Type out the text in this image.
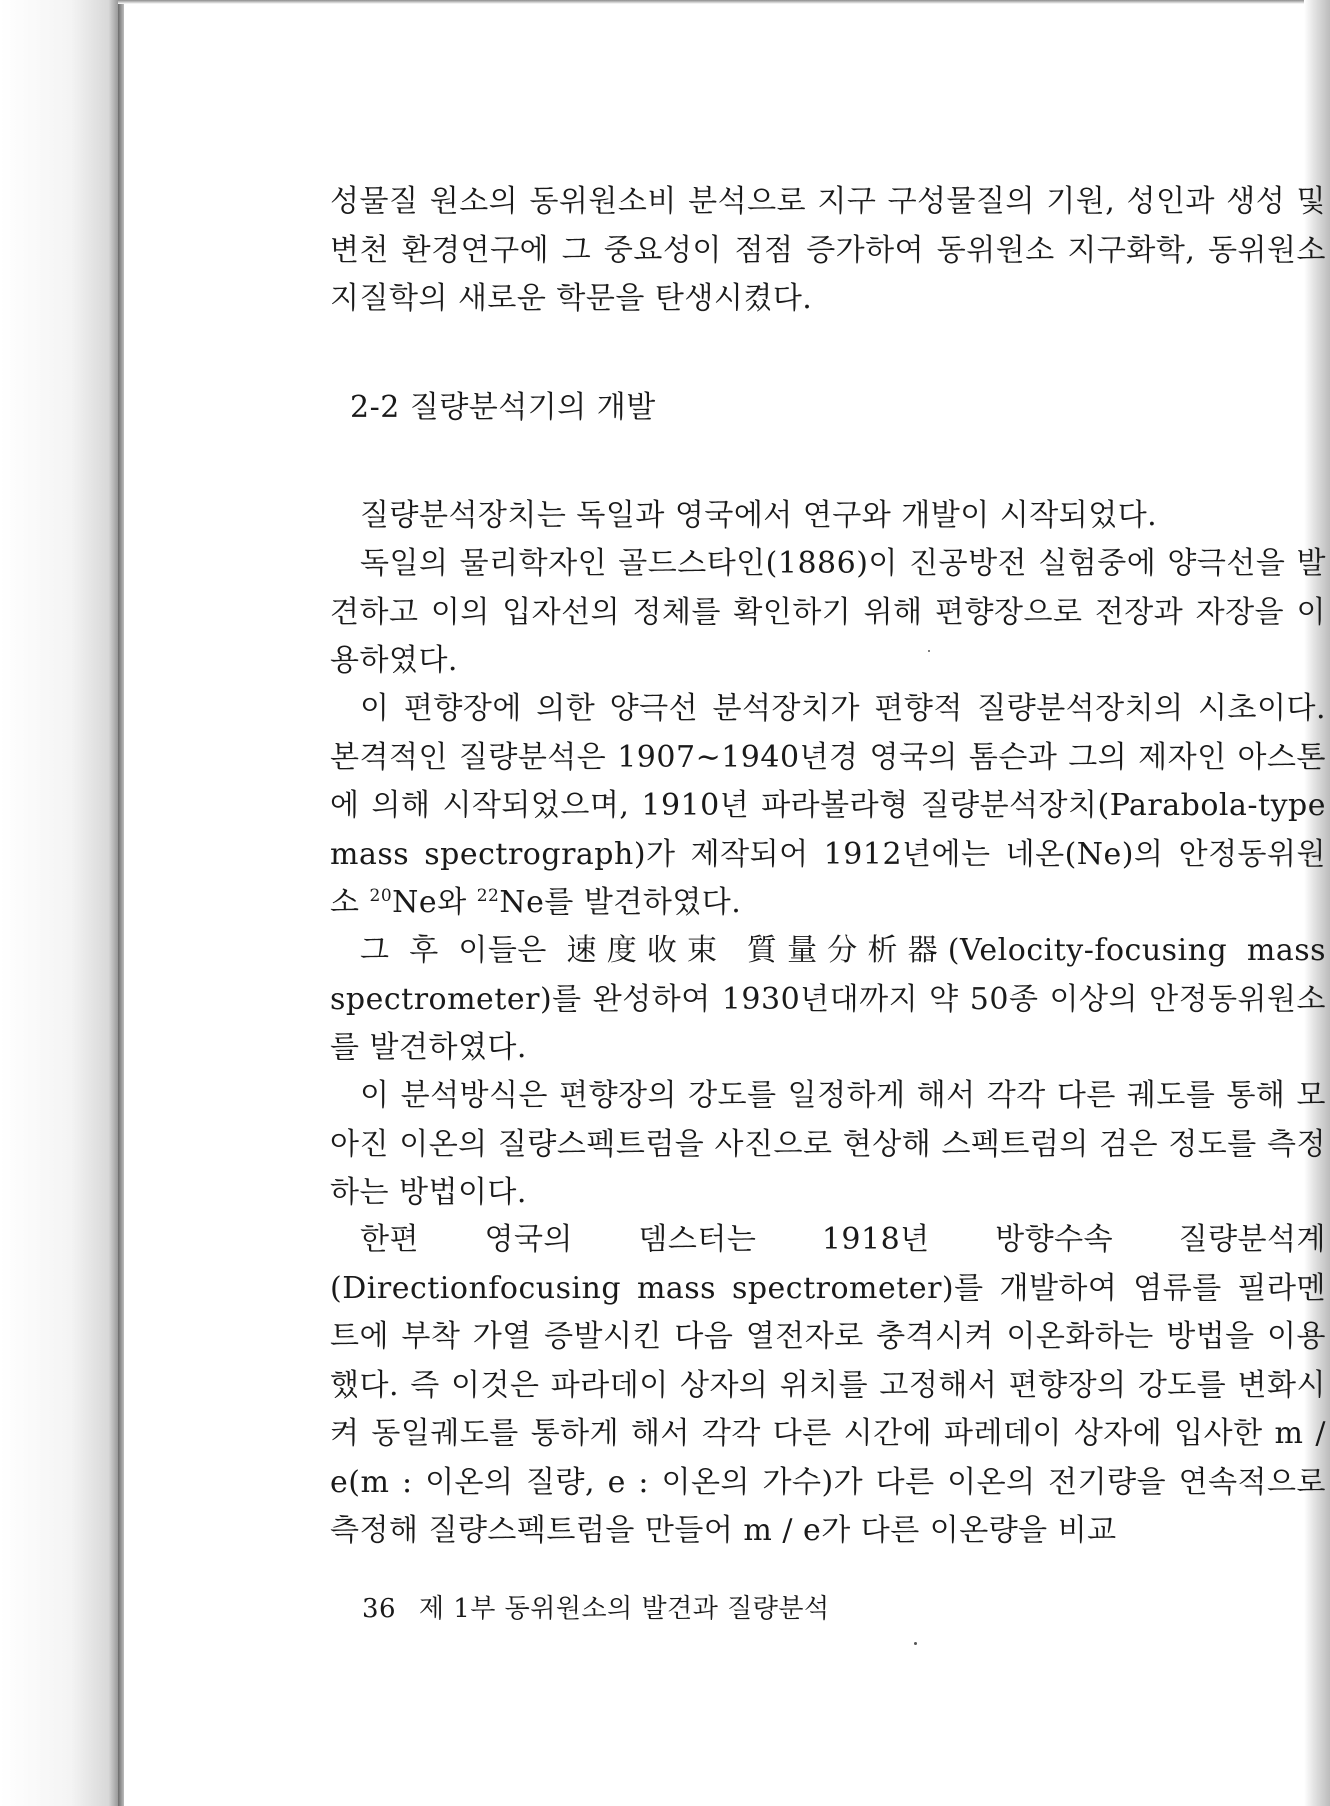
성물질 원소의 동위원소비 분석으로 지구 구성물질의 기원, 성인과 생성 및 변천 환경연구에 그 중요성이 점점 증가하여 동위원소 지구화학, 동위원소 지질학의 새로운 학문을 탄생시켰다.

2-2 질량분석기의 개발

질량분석장치는 독일과 영국에서 연구와 개발이 시작되었다.

독일의 물리학자인 골드스타인(1886)이 진공방전 실험중에 양극선을 발견하고 이의 입자선의 정체를 확인하기 위해 편향장으로 전장과 자장을 이용하였다.

이 편향장에 의한 양극선 분석장치가 편향적 질량분석장치의 시초이다. 본격적인 질량분석은 1907∼1940년경 영국의 톰슨과 그의 제자인 아스톤에 의해 시작되었으며, 1910년 파라볼라형 질량분석장치(Parabola-type mass spectrograph)가 제작되어 1912년에는 네온(Ne)의 안정동위원소 $^{20}$Ne와 $^{22}$Ne를 발견하였다.

그 후 이들은 速度收束 質量分析器(Velocity-focusing mass spectrometer)를 완성하여 1930년대까지 약 50종 이상의 안정동위원소를 발견하였다.

이 분석방식은 편향장의 강도를 일정하게 해서 각각 다른 궤도를 통해 모아진 이온의 질량스펙트럼을 사진으로 현상해 스펙트럼의 검은 정도를 측정하는 방법이다.

한편 영국의 뎀스터는 1918년 방향수속 질량분석계(Directionfocusing mass spectrometer)를 개발하여 염류를 필라멘트에 부착 가열 증발시킨 다음 열전자로 충격시켜 이온화하는 방법을 이용했다. 즉 이것은 파라데이 상자의 위치를 고정해서 편향장의 강도를 변화시켜 동일궤도를 통하게 해서 각각 다른 시간에 파레데이 상자에 입사한 m / e(m : 이온의 질량, e : 이온의 가수)가 다른 이온의 전기량을 연속적으로 측정해 질량스펙트럼을 만들어 m / e가 다른 이온량을 비교

36 제 1부 동위원소의 발견과 질량분석
